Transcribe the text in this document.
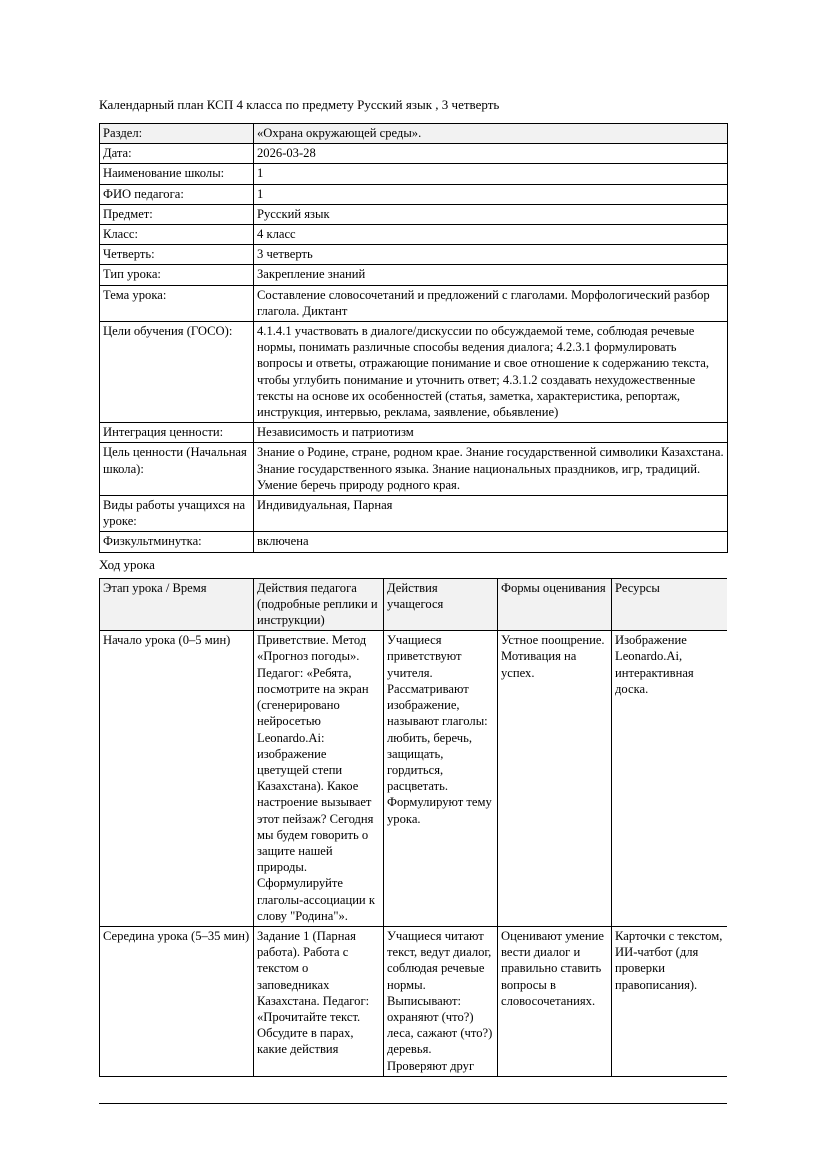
Календарный план КСП 4 класса по предмету Русский язык , 3 четверть
Раздел:	«Охрана окружающей среды».
Дата:	2026-03-28
Наименование школы:	1
ФИО педагога:	1
Предмет:	Русский язык
Класс:	4 класс
Четверть:	3 четверть
Тип урока:	Закрепление знаний
Тема урока:	Составление словосочетаний и предложений с глаголами. Морфологический разбор глагола. Диктант
Цели обучения (ГОСО):	4.1.4.1 участвовать в диалоге/дискуссии по обсуждаемой теме, соблюдая речевые нормы, понимать различные способы ведения диалога; 4.2.3.1 формулировать вопросы и ответы, отражающие понимание и свое отношение к содержанию текста, чтобы углубить понимание и уточнить ответ; 4.3.1.2 создавать нехудожественные тексты на основе их особенностей (статья, заметка, характеристика, репортаж, инструкция, интервью, реклама, заявление, обьявление)
Интеграция ценности:	Независимость и патриотизм
Цель ценности (Начальная школа):	Знание о Родине, стране, родном крае. Знание государственной символики Казахстана. Знание государственного языка. Знание национальных праздников, игр, традиций. Умение беречь природу родного края.
Виды работы учащихся на уроке:	Индивидуальная, Парная
Физкультминутка:	включена
Ход урока
Этап урока / Время	Действия педагога (подробные реплики и инструкции)	Действия учащегося	Формы оценивания	Ресурсы
Начало урока (0–5 мин)	Приветствие. Метод «Прогноз погоды». Педагог: «Ребята, посмотрите на экран (сгенерировано нейросетью Leonardo.Ai: изображение цветущей степи Казахстана). Какое настроение вызывает этот пейзаж? Сегодня мы будем говорить о защите нашей природы. Сформулируйте глаголы-ассоциации к слову "Родина"».	Учащиеся приветствуют учителя. Рассматривают изображение, называют глаголы: любить, беречь, защищать, гордиться, расцветать. Формулируют тему урока.	Устное поощрение. Мотивация на успех.	Изображение Leonardo.Ai, интерактивная доска.
Середина урока (5–35 мин)	Задание 1 (Парная работа). Работа с текстом о заповедниках Казахстана. Педагог: «Прочитайте текст. Обсудите в парах, какие действия	Учащиеся читают текст, ведут диалог, соблюдая речевые нормы. Выписывают: охраняют (что?) леса, сажают (что?) деревья. Проверяют друг	Оценивают умение вести диалог и правильно ставить вопросы в словосочетаниях.	Карточки с текстом, ИИ-чатбот (для проверки правописания).
